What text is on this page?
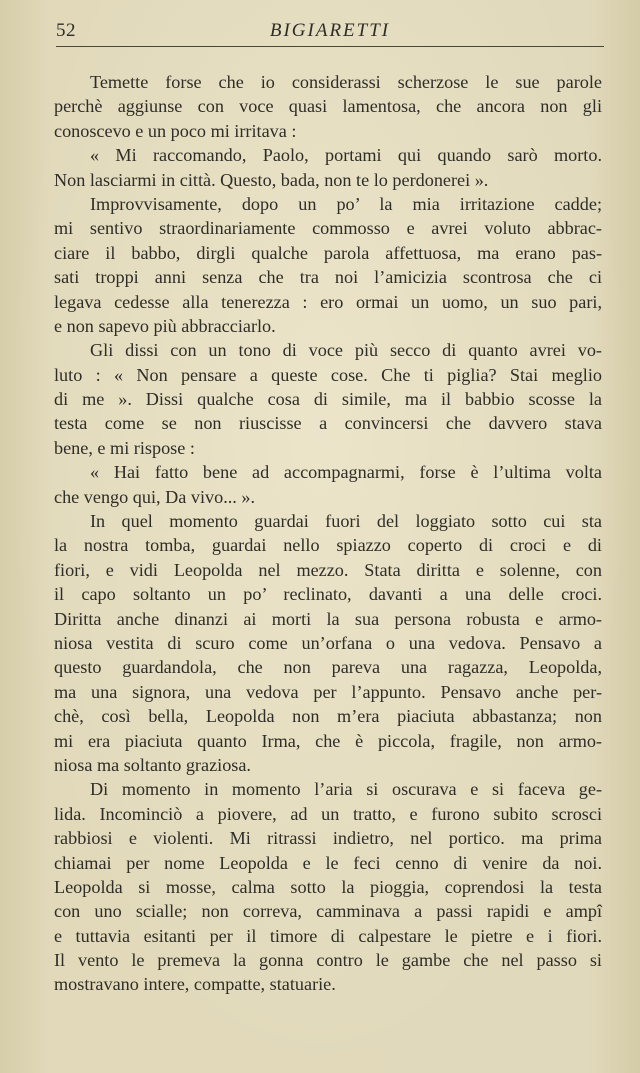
52	BIGIARETTI
Temette forse che io considerassi scherzose le sue parole
perchè aggiunse con voce quasi lamentosa, che ancora non gli
conoscevo e un poco mi irritava :
« Mi raccomando, Paolo, portami qui quando sarò morto.
Non lasciarmi in città. Questo, bada, non te lo perdonerei ».
Improvvisamente, dopo un po’ la mia irritazione cadde;
mi sentivo straordinariamente commosso e avrei voluto abbrac-
ciare il babbo, dirgli qualche parola affettuosa, ma erano pas-
sati troppi anni senza che tra noi l’amicizia scontrosa che ci
legava cedesse alla tenerezza : ero ormai un uomo, un suo pari,
e non sapevo più abbracciarlo.
Gli dissi con un tono di voce più secco di quanto avrei vo-
luto : « Non pensare a queste cose. Che ti piglia? Stai meglio
di me ». Dissi qualche cosa di simile, ma il babbio scosse la
testa come se non riuscisse a convincersi che davvero stava
bene, e mi rispose :
« Hai fatto bene ad accompagnarmi, forse è l’ultima volta
che vengo qui, Da vivo... ».
In quel momento guardai fuori del loggiato sotto cui sta
la nostra tomba, guardai nello spiazzo coperto di croci e di
fiori, e vidi Leopolda nel mezzo. Stata diritta e solenne, con
il capo soltanto un po’ reclinato, davanti a una delle croci.
Diritta anche dinanzi ai morti la sua persona robusta e armo-
niosa vestita di scuro come un’orfana o una vedova. Pensavo a
questo guardandola, che non pareva una ragazza, Leopolda,
ma una signora, una vedova per l’appunto. Pensavo anche per-
chè, così bella, Leopolda non m’era piaciuta abbastanza; non
mi era piaciuta quanto Irma, che è piccola, fragile, non armo-
niosa ma soltanto graziosa.
Di momento in momento l’aria si oscurava e si faceva ge-
lida. Incominciò a piovere, ad un tratto, e furono subito scrosci
rabbiosi e violenti. Mi ritrassi indietro, nel portico. ma prima
chiamai per nome Leopolda e le feci cenno di venire da noi.
Leopolda si mosse, calma sotto la pioggia, coprendosi la testa
con uno scialle; non correva, camminava a passi rapidi e ampî
e tuttavia esitanti per il timore di calpestare le pietre e i fiori.
Il vento le premeva la gonna contro le gambe che nel passo si
mostravano intere, compatte, statuarie.
